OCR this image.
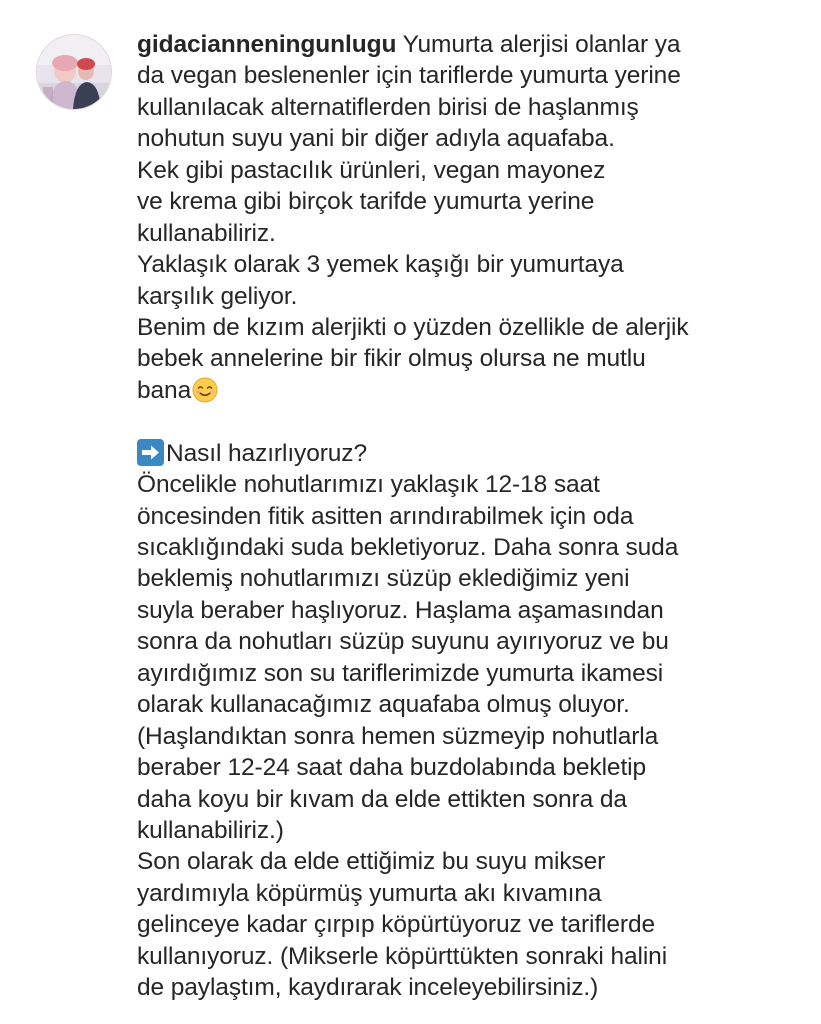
gidacianneningunlugu Yumurta alerjisi olanlar ya
da vegan beslenenler için tariflerde yumurta yerine
kullanılacak alternatiflerden birisi de haşlanmış
nohutun suyu yani bir diğer adıyla aquafaba.
Kek gibi pastacılık ürünleri, vegan mayonez
ve krema gibi birçok tarifde yumurta yerine
kullanabiliriz.
Yaklaşık olarak 3 yemek kaşığı bir yumurtaya
karşılık geliyor.
Benim de kızım alerjikti o yüzden özellikle de alerjik
bebek annelerine bir fikir olmuş olursa ne mutlu
bana
Nasıl hazırlıyoruz?
Öncelikle nohutlarımızı yaklaşık 12-18 saat
öncesinden fitik asitten arındırabilmek için oda
sıcaklığındaki suda bekletiyoruz. Daha sonra suda
beklemiş nohutlarımızı süzüp eklediğimiz yeni
suyla beraber haşlıyoruz. Haşlama aşamasından
sonra da nohutları süzüp suyunu ayırıyoruz ve bu
ayırdığımız son su tariflerimizde yumurta ikamesi
olarak kullanacağımız aquafaba olmuş oluyor.
(Haşlandıktan sonra hemen süzmeyip nohutlarla
beraber 12-24 saat daha buzdolabında bekletip
daha koyu bir kıvam da elde ettikten sonra da
kullanabiliriz.)
Son olarak da elde ettiğimiz bu suyu mikser
yardımıyla köpürmüş yumurta akı kıvamına
gelinceye kadar çırpıp köpürtüyoruz ve tariflerde
kullanıyoruz. (Mikserle köpürttükten sonraki halini
de paylaştım, kaydırarak inceleyebilirsiniz.)
